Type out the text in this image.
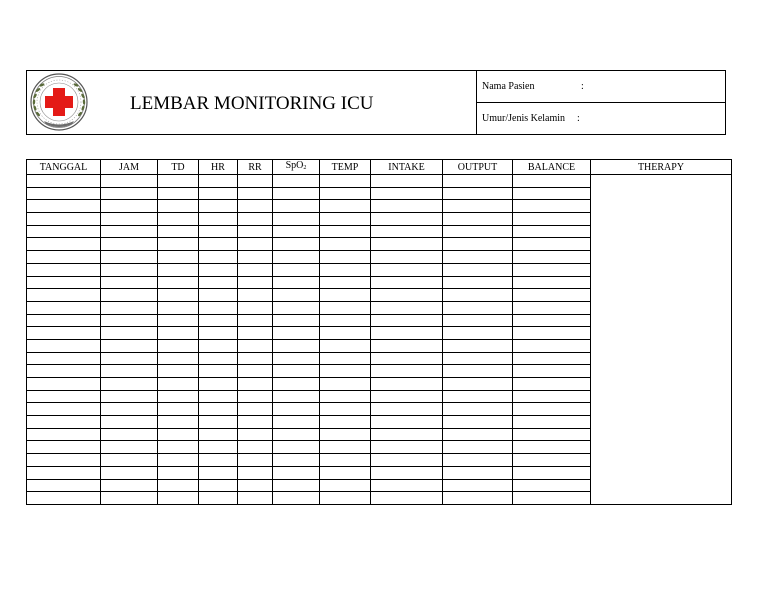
LEMBAR MONITORING ICU
Nama Pasien	:
Umur/Jenis Kelamin :
TANGGAL	JAM	TD	HR	RR	SpO2	TEMP	INTAKE	OUTPUT	BALANCE	THERAPY
